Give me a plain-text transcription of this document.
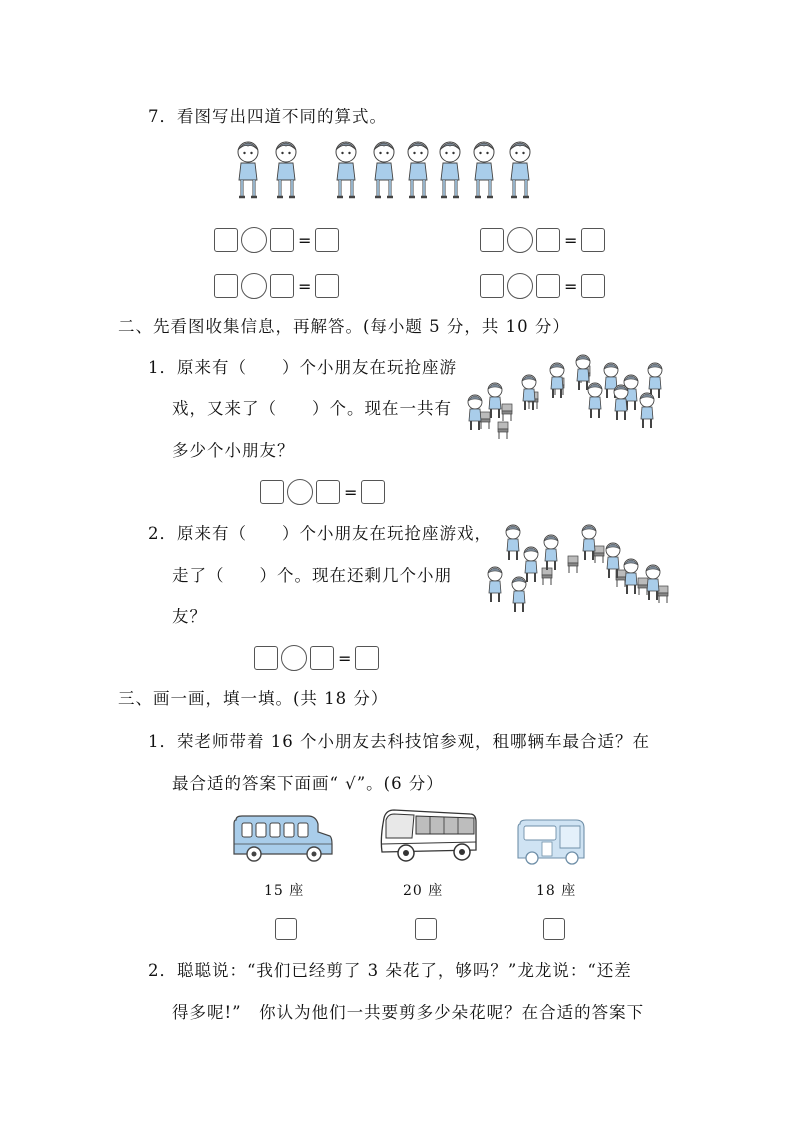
7．看图写出四道不同的算式。
=	=
=	=
二、先看图收集信息，再解答。(每小题 5 分，共 10 分）
1．原来有（　　）个小朋友在玩抢座游
戏，又来了（　　）个。现在一共有
多少个小朋友？
=
2．原来有（　　）个小朋友在玩抢座游戏，
走了（　　）个。现在还剩几个小朋
友？
=
三、画一画，填一填。(共 18 分）
1．荣老师带着 16 个小朋友去科技馆参观，租哪辆车最合适？在
最合适的答案下面画“ √”。(6 分）
15 座	20 座	18 座
2．聪聪说：“我们已经剪了 3 朵花了，够吗？”龙龙说：“还差
得多呢!”　你认为他们一共要剪多少朵花呢？在合适的答案下
